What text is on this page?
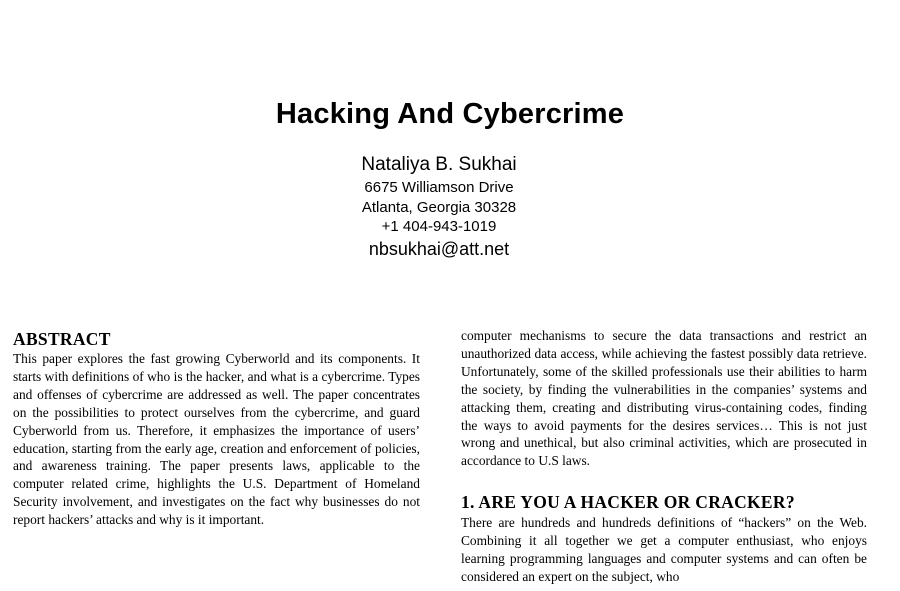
Hacking And Cybercrime
Nataliya B. Sukhai
6675 Williamson Drive
Atlanta, Georgia 30328
+1 404-943-1019
nbsukhai@att.net
ABSTRACT

This paper explores the fast growing Cyberworld and its components. It starts with definitions of who is the hacker, and what is a cybercrime. Types and offenses of cybercrime are addressed as well. The paper concentrates on the possibilities to protect ourselves from the cybercrime, and guard Cyberworld from us. Therefore, it emphasizes the importance of users’ education, starting from the early age, creation and enforcement of policies, and awareness training. The paper presents laws, applicable to the computer related crime, highlights the U.S. Department of Homeland Security involvement, and investigates on the fact why businesses do not report hackers’ attacks and why is it important.

computer mechanisms to secure the data transactions and restrict an unauthorized data access, while achieving the fastest possibly data retrieve. Unfortunately, some of the skilled professionals use their abilities to harm the society, by finding the vulnerabilities in the companies’ systems and attacking them, creating and distributing virus-containing codes, finding the ways to avoid payments for the desires services… This is not just wrong and unethical, but also criminal activities, which are prosecuted in accordance to U.S laws.

1. ARE YOU A HACKER OR CRACKER?

There are hundreds and hundreds definitions of “hackers” on the Web. Combining it all together we get a computer enthusiast, who enjoys learning programming languages and computer systems and can often be considered an expert on the subject, who
